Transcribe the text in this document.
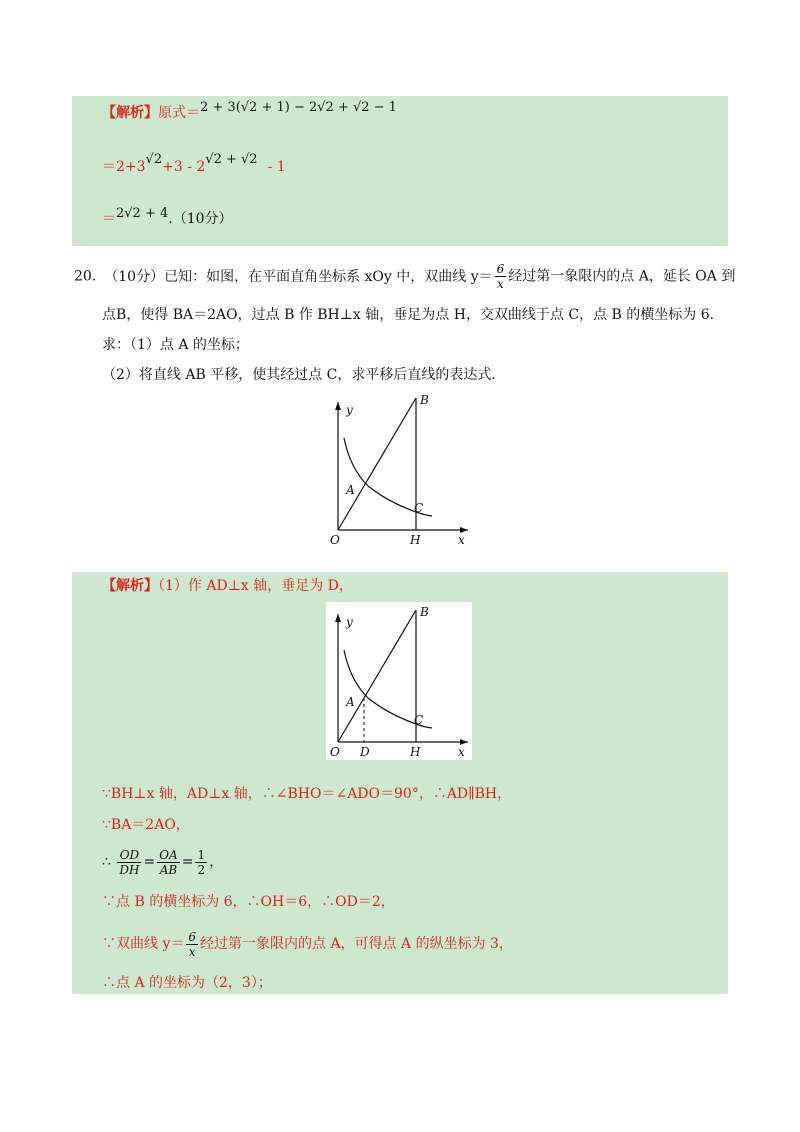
【解析】原式＝2 + 3(√2 + 1) − 2√2 + √2 − 1
＝2+3√2+3 - 2√2 + √2 - 1
＝2√2 + 4.（10分）
20. （10分）已知：如图，在平面直角坐标系 xOy 中，双曲线 $y= \frac{6}{x}$ 经过第一象限内的点 A，延长 OA 到
点B，使得 BA＝2AO，过点 B 作 BH⊥x 轴，垂足为点 H，交双曲线于点 C，点 B 的横坐标为 6.
求：（1）点 A 的坐标；
（2）将直线 AB 平移，使其经过点 C，求平移后直线的表达式.
y
B
A
C
O	H	x
【解析】（1）作 AD⊥x 轴，垂足为 D，
y
B
A
C
O D	H	x
∵BH⊥x 轴，AD⊥x 轴，∴∠BHO＝∠ADO＝90°，∴AD∥BH，
∵BA＝2AO，
∴ $\frac{OD}{DH} = \frac{OA}{AB} = \frac{1}{2}$ ，
∵点 B 的横坐标为 6，∴OH＝6，∴OD＝2，
∵双曲线 $y= \frac{6}{x}$ 经过第一象限内的点 A，可得点 A 的纵坐标为 3，
∴点 A 的坐标为（2，3）；
